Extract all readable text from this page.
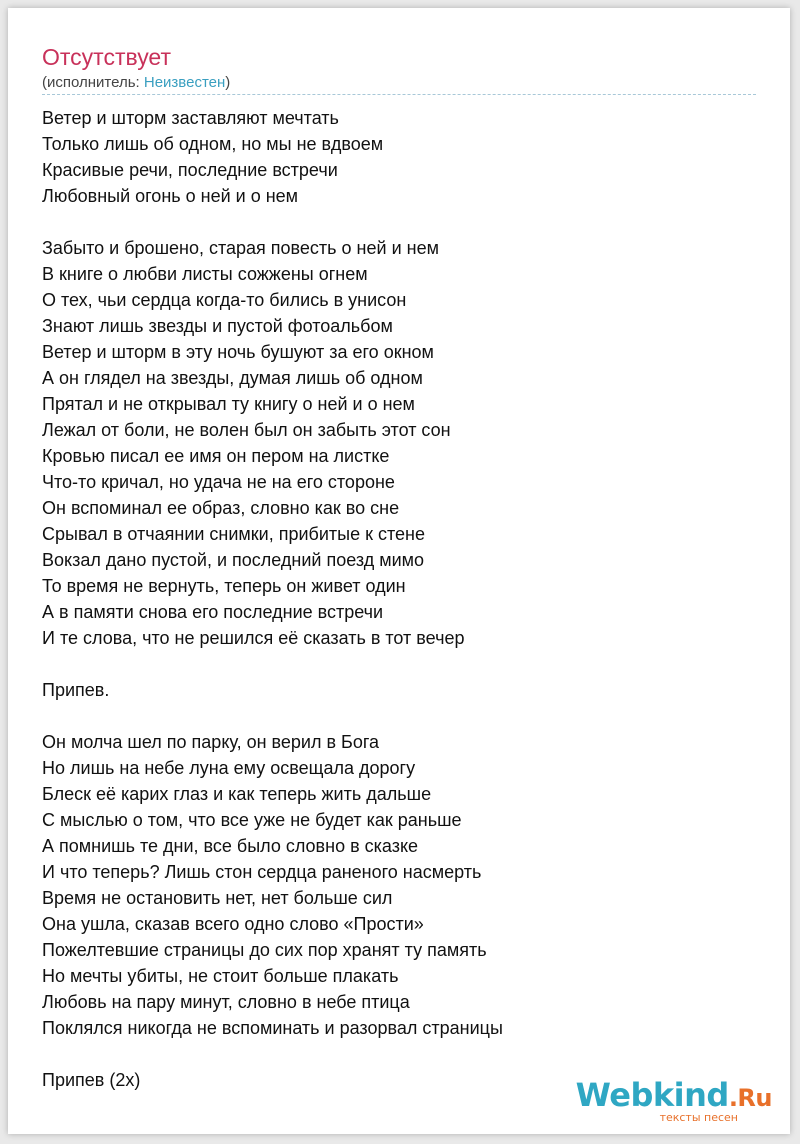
Отсутствует
(исполнитель: Неизвестен)
Ветер и шторм заставляют мечтать
Только лишь об одном, но мы не вдвоем
Красивые речи, последние встречи
Любовный огонь о ней и о нем
Забыто и брошено, старая повесть о ней и нем
В книге о любви листы сожжены огнем
О тех, чьи сердца когда-то бились в унисон
Знают лишь звезды и пустой фотоальбом
Ветер и шторм в эту ночь бушуют за его окном
А он глядел на звезды, думая лишь об одном
Прятал и не открывал ту книгу о ней и о нем
Лежал от боли, не волен был он забыть этот сон
Кровью писал ее имя он пером на листке
Что-то кричал, но удача не на его стороне
Он вспоминал ее образ, словно как во сне
Срывал в отчаянии снимки, прибитые к стене
Вокзал дано пустой, и последний поезд мимо
То время не вернуть, теперь он живет один
А в памяти снова его последние встречи
И те слова, что не решился её сказать в тот вечер
Припев.
Он молча шел по парку, он верил в Бога
Но лишь на небе луна ему освещала дорогу
Блеск её карих глаз и как теперь жить дальше
С мыслью о том, что все уже не будет как раньше
А помнишь те дни, все было словно в сказке
И что теперь? Лишь стон сердца раненого насмерть
Время не остановить нет, нет больше сил
Она ушла, сказав всего одно слово «Прости»
Пожелтевшие страницы до сих пор хранят ту память
Но мечты убиты, не стоит больше плакать
Любовь на пару минут, словно в небе птица
Поклялся никогда не вспоминать и разорвал страницы
Припев (2x)	Webkind.Ru
тексты песен
